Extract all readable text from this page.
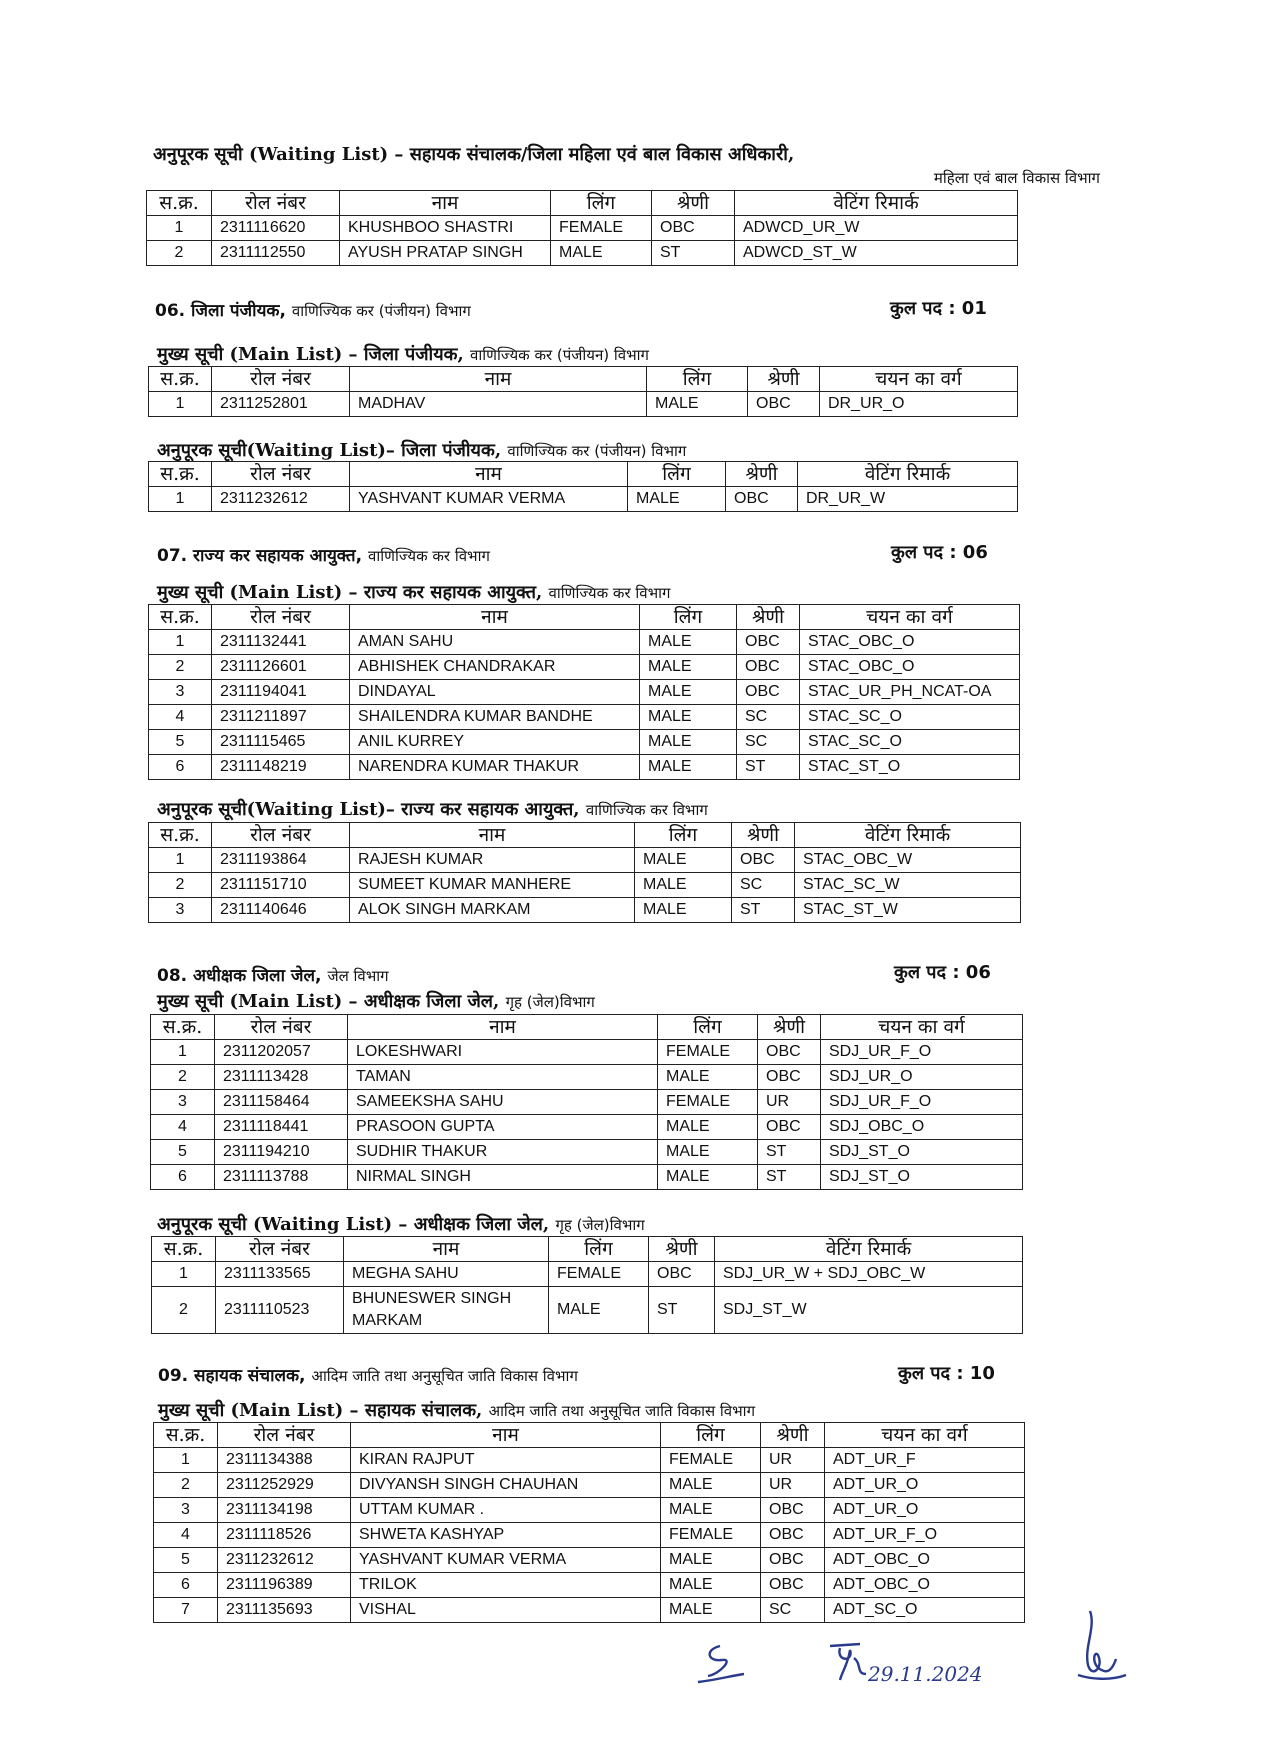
अनुपूरक सूची (Waiting List) – सहायक संचालक/जिला महिला एवं बाल विकास अधिकारी,
महिला एवं बाल विकास विभाग
स.क्र.	रोल नंबर	नाम	लिंग	श्रेणी	वेटिंग रिमार्क
1	2311116620	KHUSHBOO SHASTRI	FEMALE	OBC	ADWCD_UR_W
2	2311112550	AYUSH PRATAP SINGH	MALE	ST	ADWCD_ST_W
06. जिला पंजीयक, वाणिज्यिक कर (पंजीयन) विभाग	कुल पद : 01
मुख्य सूची (Main List) – जिला पंजीयक, वाणिज्यिक कर (पंजीयन) विभाग
स.क्र.	रोल नंबर	नाम	लिंग	श्रेणी	चयन का वर्ग
1	2311252801	MADHAV	MALE	OBC	DR_UR_O
अनुपूरक सूची(Waiting List)– जिला पंजीयक, वाणिज्यिक कर (पंजीयन) विभाग
स.क्र.	रोल नंबर	नाम	लिंग	श्रेणी	वेटिंग रिमार्क
1	2311232612	YASHVANT KUMAR VERMA	MALE	OBC	DR_UR_W
07. राज्य कर सहायक आयुक्त, वाणिज्यिक कर विभाग	कुल पद : 06
मुख्य सूची (Main List) – राज्य कर सहायक आयुक्त, वाणिज्यिक कर विभाग
स.क्र.	रोल नंबर	नाम	लिंग	श्रेणी	चयन का वर्ग
1	2311132441	AMAN SAHU	MALE	OBC	STAC_OBC_O
2	2311126601	ABHISHEK CHANDRAKAR	MALE	OBC	STAC_OBC_O
3	2311194041	DINDAYAL	MALE	OBC	STAC_UR_PH_NCAT-OA
4	2311211897	SHAILENDRA KUMAR BANDHE	MALE	SC	STAC_SC_O
5	2311115465	ANIL KURREY	MALE	SC	STAC_SC_O
6	2311148219	NARENDRA KUMAR THAKUR	MALE	ST	STAC_ST_O
अनुपूरक सूची(Waiting List)– राज्य कर सहायक आयुक्त, वाणिज्यिक कर विभाग
स.क्र.	रोल नंबर	नाम	लिंग	श्रेणी	वेटिंग रिमार्क
1	2311193864	RAJESH KUMAR	MALE	OBC	STAC_OBC_W
2	2311151710	SUMEET KUMAR MANHERE	MALE	SC	STAC_SC_W
3	2311140646	ALOK SINGH MARKAM	MALE	ST	STAC_ST_W
08. अधीक्षक जिला जेल, जेल विभाग	कुल पद : 06
मुख्य सूची (Main List) – अधीक्षक जिला जेल, गृह (जेल)विभाग
स.क्र.	रोल नंबर	नाम	लिंग	श्रेणी	चयन का वर्ग
1	2311202057	LOKESHWARI	FEMALE	OBC	SDJ_UR_F_O
2	2311113428	TAMAN	MALE	OBC	SDJ_UR_O
3	2311158464	SAMEEKSHA SAHU	FEMALE	UR	SDJ_UR_F_O
4	2311118441	PRASOON GUPTA	MALE	OBC	SDJ_OBC_O
5	2311194210	SUDHIR THAKUR	MALE	ST	SDJ_ST_O
6	2311113788	NIRMAL SINGH	MALE	ST	SDJ_ST_O
अनुपूरक सूची (Waiting List) – अधीक्षक जिला जेल, गृह (जेल)विभाग
स.क्र.	रोल नंबर	नाम	लिंग	श्रेणी	वेटिंग रिमार्क
1	2311133565	MEGHA SAHU	FEMALE	OBC	SDJ_UR_W + SDJ_OBC_W
2	2311110523	BHUNESWER SINGH MARKAM	MALE	ST	SDJ_ST_W
09. सहायक संचालक, आदिम जाति तथा अनुसूचित जाति विकास विभाग	कुल पद : 10
मुख्य सूची (Main List) – सहायक संचालक, आदिम जाति तथा अनुसूचित जाति विकास विभाग
स.क्र.	रोल नंबर	नाम	लिंग	श्रेणी	चयन का वर्ग
1	2311134388	KIRAN RAJPUT	FEMALE	UR	ADT_UR_F
2	2311252929	DIVYANSH SINGH CHAUHAN	MALE	UR	ADT_UR_O
3	2311134198	UTTAM KUMAR .	MALE	OBC	ADT_UR_O
4	2311118526	SHWETA KASHYAP	FEMALE	OBC	ADT_UR_F_O
5	2311232612	YASHVANT KUMAR VERMA	MALE	OBC	ADT_OBC_O
6	2311196389	TRILOK	MALE	OBC	ADT_OBC_O
7	2311135693	VISHAL	MALE	SC	ADT_SC_O
29.11.2024
